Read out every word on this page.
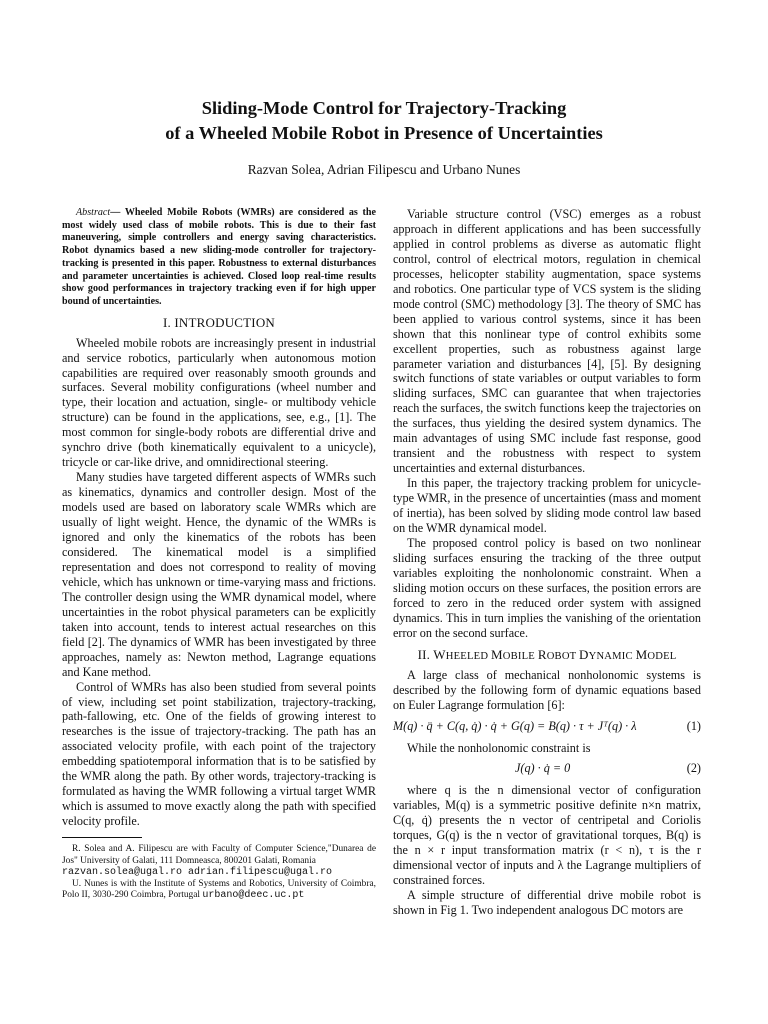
Sliding-Mode Control for Trajectory-Tracking
of a Wheeled Mobile Robot in Presence of Uncertainties
Razvan Solea, Adrian Filipescu and Urbano Nunes

Abstract— Wheeled Mobile Robots (WMRs) are considered as the most widely used class of mobile robots. This is due to their fast maneuvering, simple controllers and energy saving characteristics. Robot dynamics based a new sliding-mode controller for trajectory-tracking is presented in this paper. Robustness to external disturbances and parameter uncertainties is achieved. Closed loop real-time results show good performances in trajectory tracking even if for high upper bound of uncertainties.

I. INTRODUCTION

Wheeled mobile robots are increasingly present in industrial and service robotics, particularly when autonomous motion capabilities are required over reasonably smooth grounds and surfaces. Several mobility configurations (wheel number and type, their location and actuation, single- or multibody vehicle structure) can be found in the applications, see, e.g., [1]. The most common for single-body robots are differential drive and synchro drive (both kinematically equivalent to a unicycle), tricycle or car-like drive, and omnidirectional steering.

Many studies have targeted different aspects of WMRs such as kinematics, dynamics and controller design. Most of the models used are based on laboratory scale WMRs which are usually of light weight. Hence, the dynamic of the WMRs is ignored and only the kinematics of the robots has been considered. The kinematical model is a simplified representation and does not correspond to reality of moving vehicle, which has unknown or time-varying mass and frictions. The controller design using the WMR dynamical model, where uncertainties in the robot physical parameters can be explicitly taken into account, tends to interest actual researches on this field [2]. The dynamics of WMR has been investigated by three approaches, namely as: Newton method, Lagrange equations and Kane method.

Control of WMRs has also been studied from several points of view, including set point stabilization, trajectory-tracking, path-fallowing, etc. One of the fields of growing interest to researches is the issue of trajectory-tracking. The path has an associated velocity profile, with each point of the trajectory embedding spatiotemporal information that is to be satisfied by the WMR along the path. By other words, trajectory-tracking is formulated as having the WMR following a virtual target WMR which is assumed to move exactly along the path with specified velocity profile.

R. Solea and A. Filipescu are with Faculty of Computer Science,"Dunarea de Jos" University of Galati, 111 Domneasca, 800201 Galati, Romania
razvan.solea@ugal.ro adrian.filipescu@ugal.ro

U. Nunes is with the Institute of Systems and Robotics, University of Coimbra, Polo II, 3030-290 Coimbra, Portugal urbano@deec.uc.pt

Variable structure control (VSC) emerges as a robust approach in different applications and has been successfully applied in control problems as diverse as automatic flight control, control of electrical motors, regulation in chemical processes, helicopter stability augmentation, space systems and robotics. One particular type of VCS system is the sliding mode control (SMC) methodology [3]. The theory of SMC has been applied to various control systems, since it has been shown that this nonlinear type of control exhibits some excellent properties, such as robustness against large parameter variation and disturbances [4], [5]. By designing switch functions of state variables or output variables to form sliding surfaces, SMC can guarantee that when trajectories reach the surfaces, the switch functions keep the trajectories on the surfaces, thus yielding the desired system dynamics. The main advantages of using SMC include fast response, good transient and the robustness with respect to system uncertainties and external disturbances.

In this paper, the trajectory tracking problem for unicycle-type WMR, in the presence of uncertainties (mass and moment of inertia), has been solved by sliding mode control law based on the WMR dynamical model.

The proposed control policy is based on two nonlinear sliding surfaces ensuring the tracking of the three output variables exploiting the nonholonomic constraint. When a sliding motion occurs on these surfaces, the position errors are forced to zero in the reduced order system with assigned dynamics. This in turn implies the vanishing of the orientation error on the second surface.

II. WHEELED MOBILE ROBOT DYNAMIC MODEL

A large class of mechanical nonholonomic systems is described by the following form of dynamic equations based on Euler Lagrange formulation [6]:

M(q) · q̈ + C(q, q̇) · q̇ + G(q) = B(q) · τ + Jᵀ(q) · λ	(1)

While the nonholonomic constraint is

J(q) · q̇ = 0	(2)

where q is the n dimensional vector of configuration variables, M(q) is a symmetric positive definite n×n matrix, C(q, q̇) presents the n vector of centripetal and Coriolis torques, G(q) is the n vector of gravitational torques, B(q) is the n × r input transformation matrix (r < n), τ is the r dimensional vector of inputs and λ the Lagrange multipliers of constrained forces.

A simple structure of differential drive mobile robot is shown in Fig 1. Two independent analogous DC motors are
